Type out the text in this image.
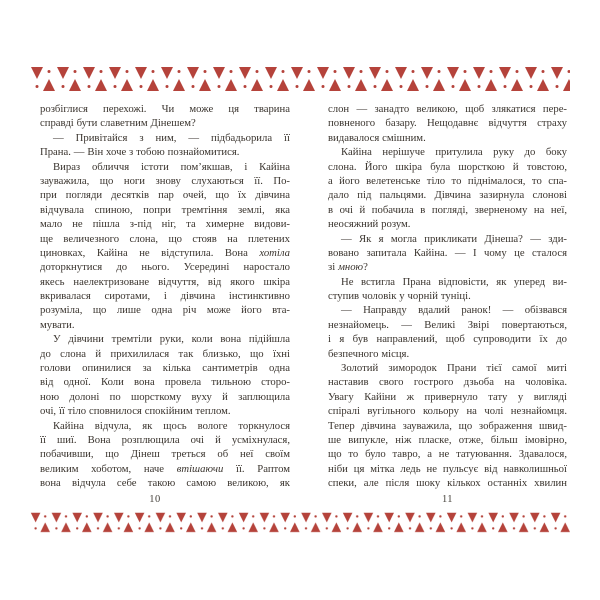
розбіглися перехожі. Чи може ця тварина
справді бути славетним Дінешем?
— Привітайся з ним, — підбадьорила її
Прана. — Він хоче з тобою познайомитися.
Вираз обличчя істоти пом’якшав, і Кайіна
зауважила, що ноги знову слухаються її. По-
при погляди десятків пар очей, що їх дівчина
відчувала спиною, попри тремтіння землі, яка
мало не пішла з-під ніг, та химерне видови-
ще величезного слона, що стояв на плетених
циновках, Кайіна не відступила. Вона хотіла
доторкнутися до нього. Усередині наростало
якесь наелектризоване відчуття, від якого шкіра
вкривалася сиротами, і дівчина інстинктивно
розуміла, що лише одна річ може його вта-
мувати.
У дівчини тремтіли руки, коли вона підійшла
до слона й прихилилася так близько, що їхні
голови опинилися за кілька сантиметрів одна
від одної. Коли вона провела тильною сторо-
ною долоні по шорсткому вуху й заплющила
очі, її тіло сповнилося спокійним теплом.
Кайіна відчула, як щось вологе торкнулося
її шиї. Вона розплющила очі й усміхнулася,
побачивши, що Дінеш треться об неї своїм
великим хоботом, наче втішаючи її. Раптом
вона відчула себе такою самою великою, як
слон — занадто великою, щоб злякатися пере-
повненого базару. Нещодавнє відчуття страху
видавалося смішним.
Кайіна нерішуче притулила руку до боку
слона. Його шкіра була шорсткою й товстою,
а його велетенське тіло то піднімалося, то спа-
дало під пальцями. Дівчина зазирнула слонові
в очі й побачила в погляді, зверненому на неї,
неосяжний розум.
— Як я могла прикликати Дінеша? — зди-
вовано запитала Кайіна. — І чому це сталося
зі мною?
Не встигла Прана відповісти, як уперед ви-
ступив чоловік у чорній туніці.
— Направду вдалий ранок! — обізвався
незнайомець. — Великі Звірі повертаються,
і я був направлений, щоб супроводити їх до
безпечного місця.
Золотий зимородок Прани тієї самої миті
наставив свого гострого дзьоба на чоловіка.
Увагу Кайіни ж привернуло тату у вигляді
спіралі вугільного кольору на чолі незнайомця.
Тепер дівчина зауважила, що зображення швид-
ше випукле, ніж пласке, отже, більш імовірно,
що то було тавро, а не татуювання. Здавалося,
ніби ця мітка ледь не пульсує від навколишньої
спеки, але після шоку кількох останніх хвилин
10	11
